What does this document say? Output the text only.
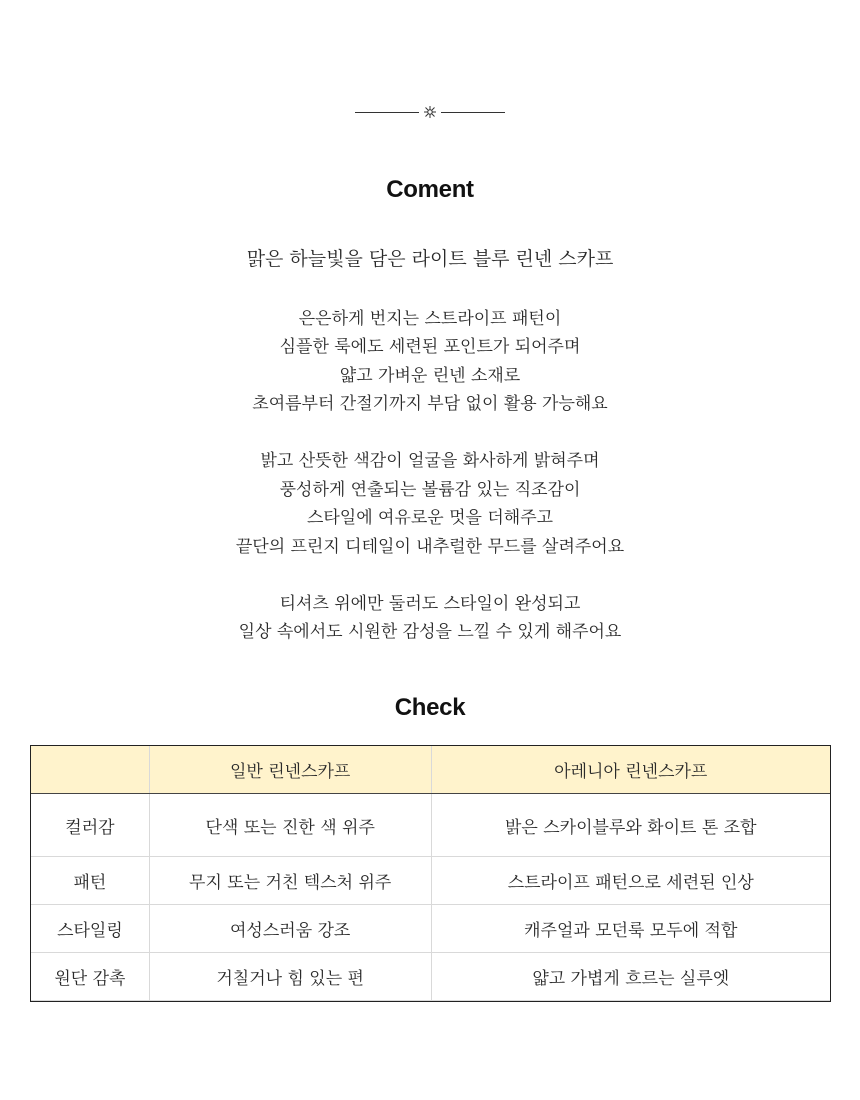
Coment
맑은 하늘빛을 담은 라이트 블루 린넨 스카프
은은하게 번지는 스트라이프 패턴이
심플한 룩에도 세련된 포인트가 되어주며
얇고 가벼운 린넨 소재로
초여름부터 간절기까지 부담 없이 활용 가능해요
밝고 산뜻한 색감이 얼굴을 화사하게 밝혀주며
풍성하게 연출되는 볼륨감 있는 직조감이
스타일에 여유로운 멋을 더해주고
끝단의 프린지 디테일이 내추럴한 무드를 살려주어요
티셔츠 위에만 둘러도 스타일이 완성되고
일상 속에서도 시원한 감성을 느낄 수 있게 해주어요
Check
	일반 린넨스카프	아레니아 린넨스카프
컬러감	단색 또는 진한 색 위주	밝은 스카이블루와 화이트 톤 조합
패턴	무지 또는 거친 텍스처 위주	스트라이프 패턴으로 세련된 인상
스타일링	여성스러움 강조	캐주얼과 모던룩 모두에 적합
원단 감촉	거칠거나 힘 있는 편	얇고 가볍게 흐르는 실루엣
